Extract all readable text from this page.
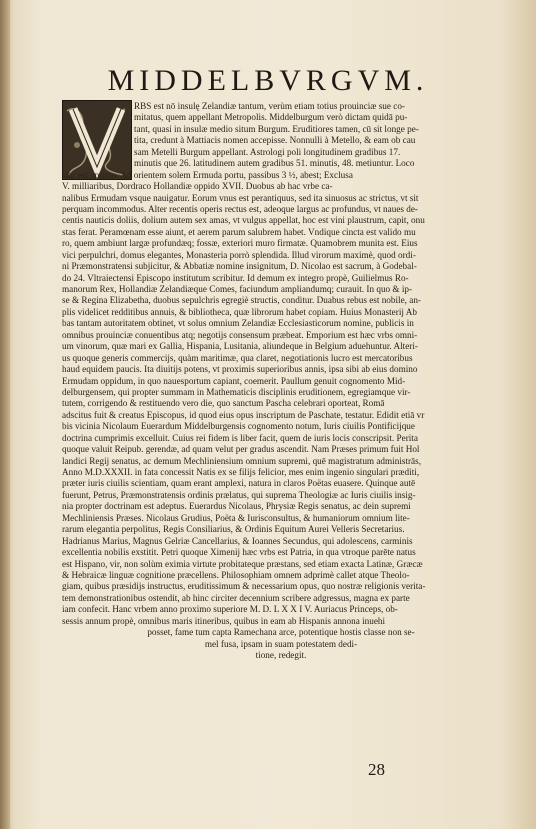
MIDDELBVRGVM.
RBS est nō insulę Zelandiæ tantum, verùm etiam totius prouinciæ sue co-
mitatus, quem appellant Metropolis. Middelburgum verò dictam quidā pu-
tant, quasi in insulæ medio situm Burgum. Eruditiores tamen, cū sit longe pe-
tita, credunt à Mattiacis nomen accepisse. Nonnulli à Metello, & eam ob cau
sam Metelli Burgum appellant. Astrologi poli longitudinem gradibus 17.
minutis que 26. latitudinem autem gradibus 51. minutis, 48. metiuntur. Loco
situ est optimo. Ad orientem solem Ermuda portu, passibus 3 ½, abest; Exclusa
V. milliaribus, Dordraco Hollandiæ oppido XVII. Duobus ab hac vrbe ca-
nalibus Ermudam vsque nauigatur. Eorum vnus est perantiquus, sed ita sinuosus ac strictus, vt sit
perquam incommodus. Alter recentis operis rectus est, adeoque largus ac profundus, vt naues de-
centis nauticis doliis, dolium autem sex amas, vt vulgus appellat, hoc est vini plaustrum, capit, onu
stas ferat. Peramœnam esse aiunt, et aerem parum salubrem habet. Vndique cincta est valido mu
ro, quem ambiunt largæ profundæq; fossæ, exteriori muro firmatæ. Quamobrem munita est. Eius
vici perpulchri, domus elegantes, Monasteria porrò splendida. Illud virorum maximè, quod ordi-
ni Præmonstratensi subjicitur, & Abbatiæ nomine insignitum, D. Nicolao est sacrum, à Godebal-
do 24. Vltraiectensi Episcopo institutum scribitur. Id demum ex integro propè, Guilielmus Ro-
manorum Rex, Hollandiæ Zelandiæque Comes, faciundum ampliandumq; curauit. In quo & ip-
se & Regina Elizabetha, duobus sepulchris egregiè structis, conditur. Duabus rebus est nobile, an-
plis videlicet redditibus annuis, & bibliotheca, quæ librorum habet copiam. Huius Monasterij Ab
bas tantam autoritatem obtinet, vt solus omnium Zelandiæ Ecclesiasticorum nomine, publicis in
omnibus prouinciæ conuentibus atq; negotijs consensum præbeat. Emporium est hæc vrbs omni-
um vinorum, quæ mari ex Gallia, Hispania, Lusitania, aliundeque in Belgium aduehuntur. Alteri-
us quoque generis commercijs, quàm maritimæ, qua claret, negotiationis lucro est mercatoribus
haud equidem paucis. Ita diuitijs potens, vt proximis superioribus annis, ipsa sibi ab eius domino
Ermudam oppidum, in quo nauesportum capiant, coemerit. Paullum genuit cognomento Mid-
delburgensem, qui propter summam in Mathematicis disciplinis eruditionem, egregiamque vir-
tutem, corrigendo & restituendo vero die, quo sanctum Pascha celebrari oporteat, Romā
adscitus fuit & creatus Episcopus, id quod eius opus inscriptum de Paschate, testatur. Edidit etiā vr
bis vicinia Nicolaum Euerardum Middelburgensis cognomento notum, Iuris ciuilis Pontificijque
doctrina cumprimis excelluit. Cuius rei fidem is liber facit, quem de iuris locis conscripsit. Perita
quoque valuit Reipub. gerendæ, ad quam velut per gradus ascendit. Nam Præses primum fuit Hol
landici Regij senatus, ac demum Mechliniensium omnium supremi, quē magistratum administrās,
Anno M.D.XXXII. in fata concessit Natis ex se filijs felicior, mes enim ingenio singulari præditi,
præter iuris ciuilis scientiam, quam erant amplexi, natura in claros Poëtas euasere. Quinque autē
fuerunt, Petrus, Præmonstratensis ordinis prælatus, qui suprema Theologiæ ac Iuris ciuilis insig-
nia propter doctrinam est adeptus. Euerardus Nicolaus, Phrysiæ Regis senatus, ac dein supremi
Mechliniensis Præses. Nicolaus Grudius, Poëta & Iurisconsultus, & humaniorum omnium lite-
rarum elegantia perpolitus, Regis Consiliarius, & Ordinis Equitum Aurei Velleris Secretarius.
Hadrianus Marius, Magnus Gelriæ Cancellarius, & Ioannes Secundus, qui adolescens, carminis
excellentia nobilis exstitit. Petri quoque Ximenij hæc vrbs est Patria, in qua vtroque parēte natus
est Hispano, vir, non solùm eximia virtute probitateque præstans, sed etiam exacta Latinæ, Græcæ
& Hebraicæ linguæ cognitione præcellens. Philosophiam omnem adprimè callet atque Theolo-
giam, quibus præsidijs instructus, eruditissimum & necessarium opus, quo nostræ religionis verita-
tem demonstrationibus ostendit, ab hinc circiter decennium scribere adgressus, magna ex parte
iam confecit. Hanc vrbem anno proximo superiore M. D. L X X I V. Auriacus Princeps, ob-
sessis annum propè, omnibus maris itineribus, quibus in eam ab Hispanis annona inuehi
posset, fame tum capta Ramechana arce, potentique hostis classe non se-
mel fusa, ipsam in suam potestatem dedi-
tione, redegit.
28
